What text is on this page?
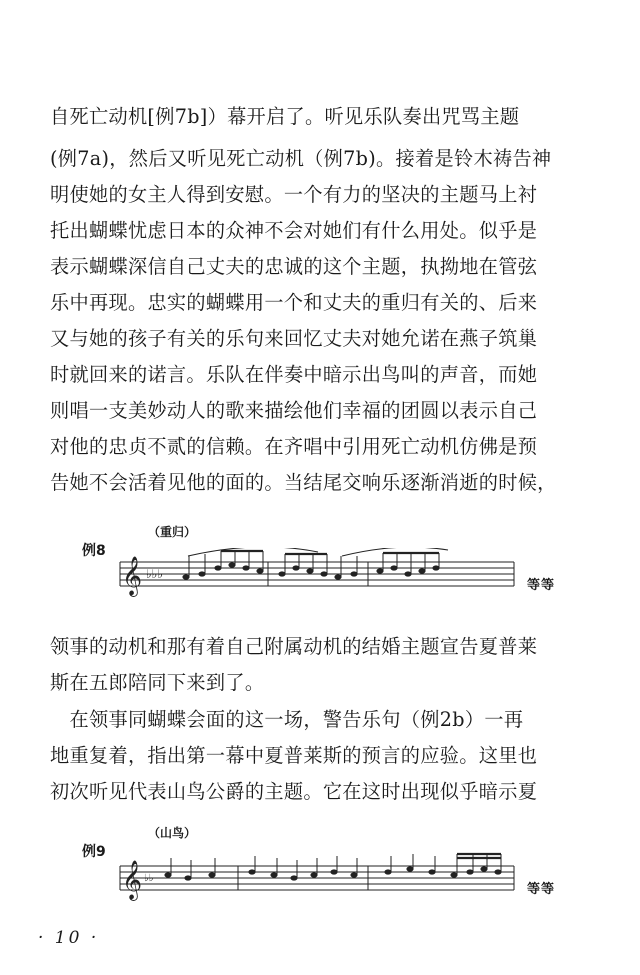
自死亡动机[例7b]）幕开启了。听见乐队奏出咒骂主题
(例7a)，然后又听见死亡动机（例7b)。接着是铃木祷告神
明使她的女主人得到安慰。一个有力的坚决的主题马上衬
托出蝴蝶忧虑日本的众神不会对她们有什么用处。似乎是
表示蝴蝶深信自己丈夫的忠诚的这个主题，执拗地在管弦
乐中再现。忠实的蝴蝶用一个和丈夫的重归有关的、后来
又与她的孩子有关的乐句来回忆丈夫对她允诺在燕子筑巢
时就回来的诺言。乐队在伴奏中暗示出鸟叫的声音，而她
则唱一支美妙动人的歌来描绘他们幸福的团圆以表示自己
对他的忠贞不贰的信赖。在齐唱中引用死亡动机仿佛是预
告她不会活着见他的面的。当结尾交响乐逐渐消逝的时候，
（重归）
例8
𝄞 ♭♭♭
等等
领事的动机和那有着自己附属动机的结婚主题宣告夏普莱
斯在五郎陪同下来到了。
　在领事同蝴蝶会面的这一场，警告乐句（例2b）一再
地重复着，指出第一幕中夏普莱斯的预言的应验。这里也
初次听见代表山鸟公爵的主题。它在这时出现似乎暗示夏
（山鸟）
例9
𝄞 ♭♭
等等
· 10 ·
